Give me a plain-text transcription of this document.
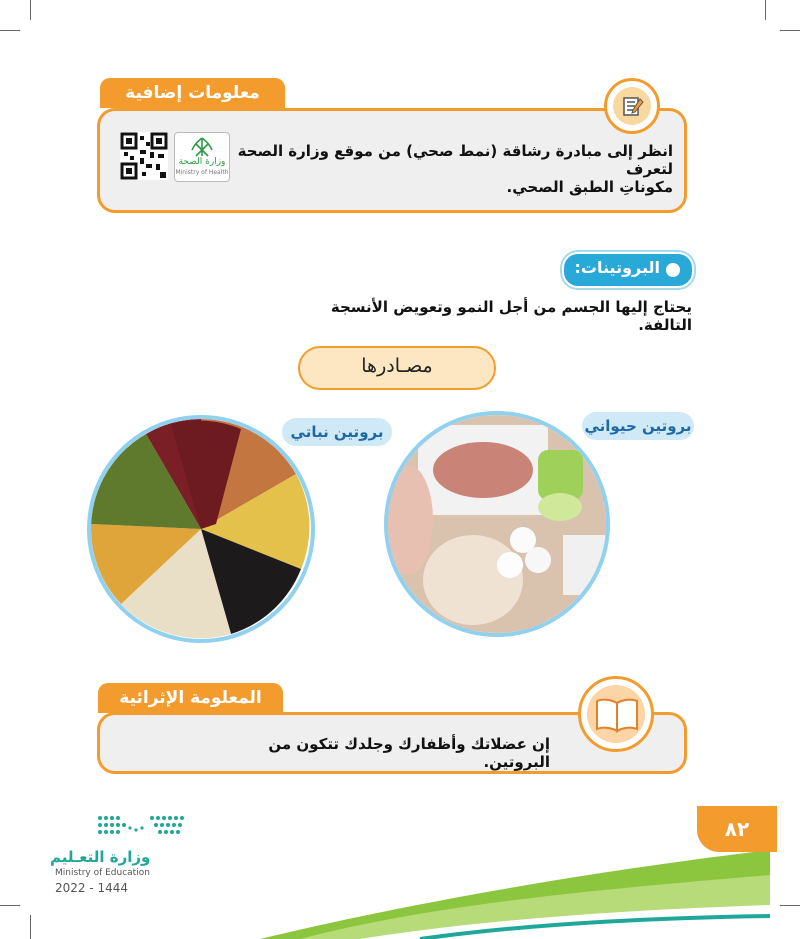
معلومات إضافية
انظر إلى مبادرة رشاقة (نمط صحي) من موقع وزارة الصحة لتعرف
مكوناتِ الطبق الصحي.
وزارة الصحة
Ministry of Health
البروتينات:
يحتاج إليها الجسم من أجل النمو وتعويض الأنسجة التالفة.
مصـادرها
بروتين نباتي	بروتين حيواني
المعلومة الإثرائية
إن عضلاتك وأظفارك وجلدك تتكون من البروتين.
٨٢
وزارة التعـليم
Ministry of Education
2022 - 1444
